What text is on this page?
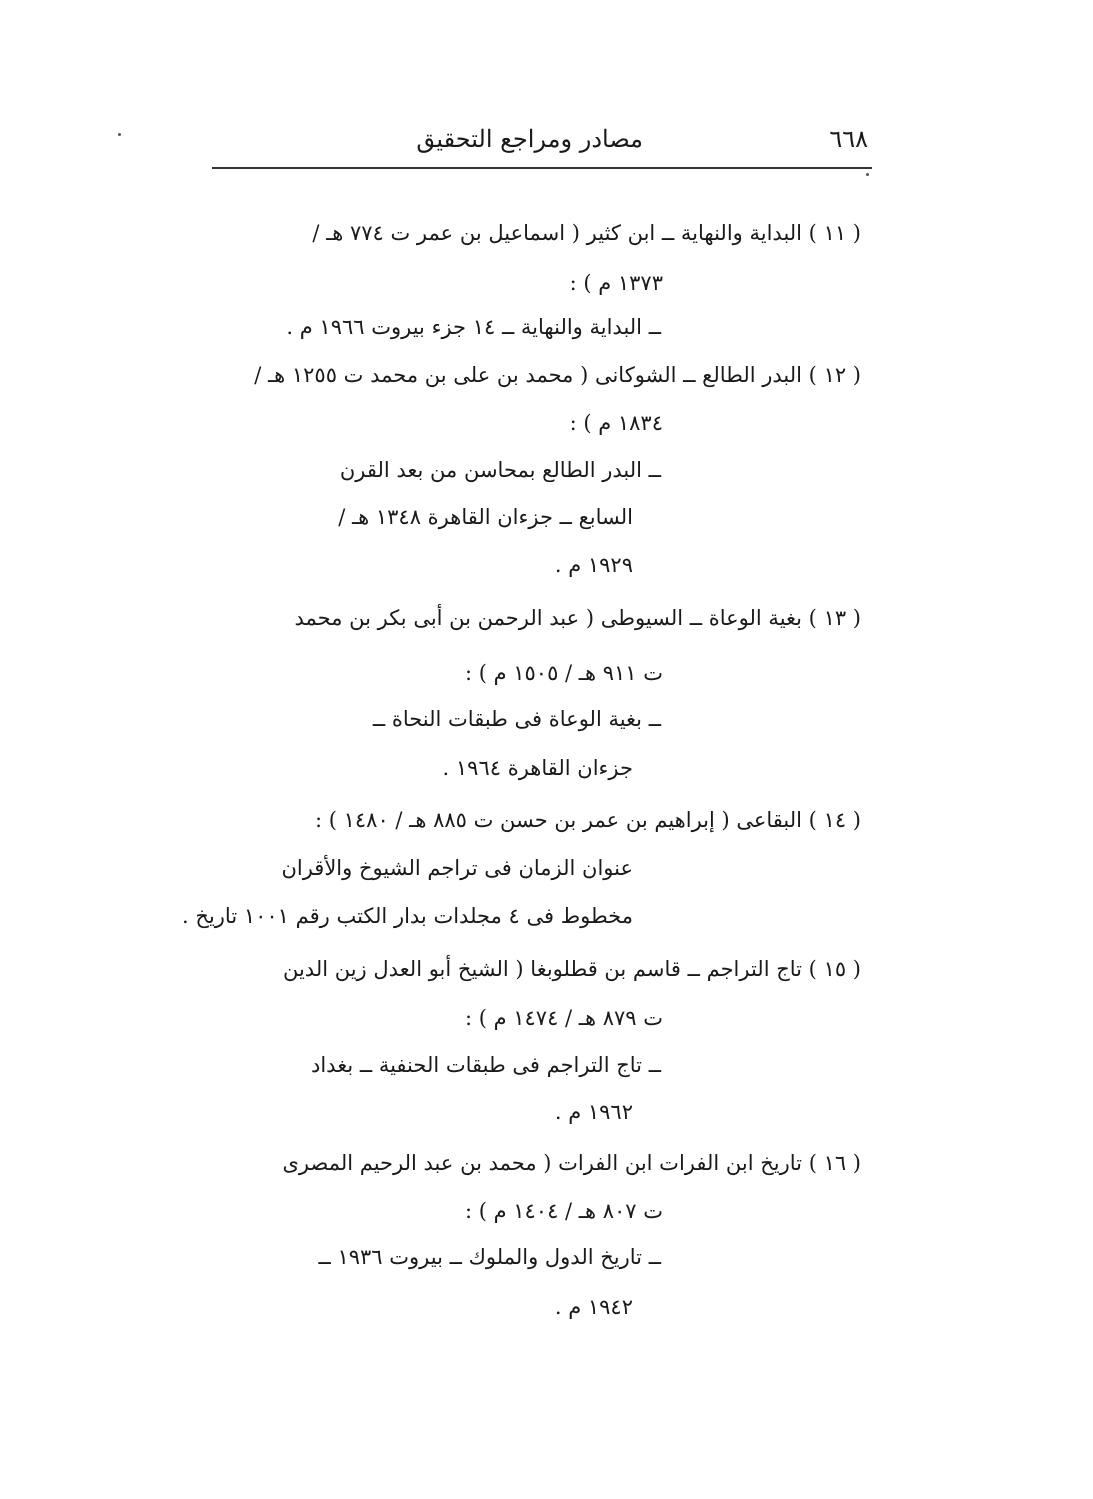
مصادر ومراجع التحقيق	٦٦٨
( ١١ ) البداية والنهاية ــ ابن كثير ( اسماعيل بن عمر ت ٧٧٤ هـ /
١٣٧٣ م ) :
ــ البداية والنهاية ــ ١٤ جزء بيروت ١٩٦٦ م .
( ١٢ ) البدر الطالع ــ الشوكانى ( محمد بن على بن محمد ت ١٢٥٥ هـ /
١٨٣٤ م ) :
ــ البدر الطالع بمحاسن من بعد القرن
السابع ــ جزءان القاهرة ١٣٤٨ هـ /
١٩٢٩ م .
( ١٣ ) بغية الوعاة ــ السيوطى ( عبد الرحمن بن أبى بكر بن محمد
ت ٩١١ هـ / ١٥٠٥ م ) :
ــ بغية الوعاة فى طبقات النحاة ــ
جزءان القاهرة ١٩٦٤ .
( ١٤ ) البقاعى ( إبراهيم بن عمر بن حسن ت ٨٨٥ هـ / ١٤٨٠ ) :
عنوان الزمان فى تراجم الشيوخ والأقران
مخطوط فى ٤ مجلدات بدار الكتب رقم ١٠٠١ تاريخ .
( ١٥ ) تاج التراجم ــ قاسم بن قطلوبغا ( الشيخ أبو العدل زين الدين
ت ٨٧٩ هـ / ١٤٧٤ م ) :
ــ تاج التراجم فى طبقات الحنفية ــ بغداد
١٩٦٢ م .
( ١٦ ) تاريخ ابن الفرات ابن الفرات ( محمد بن عبد الرحيم المصرى
ت ٨٠٧ هـ / ١٤٠٤ م ) :
ــ تاريخ الدول والملوك ــ بيروت ١٩٣٦ ــ
١٩٤٢ م .
